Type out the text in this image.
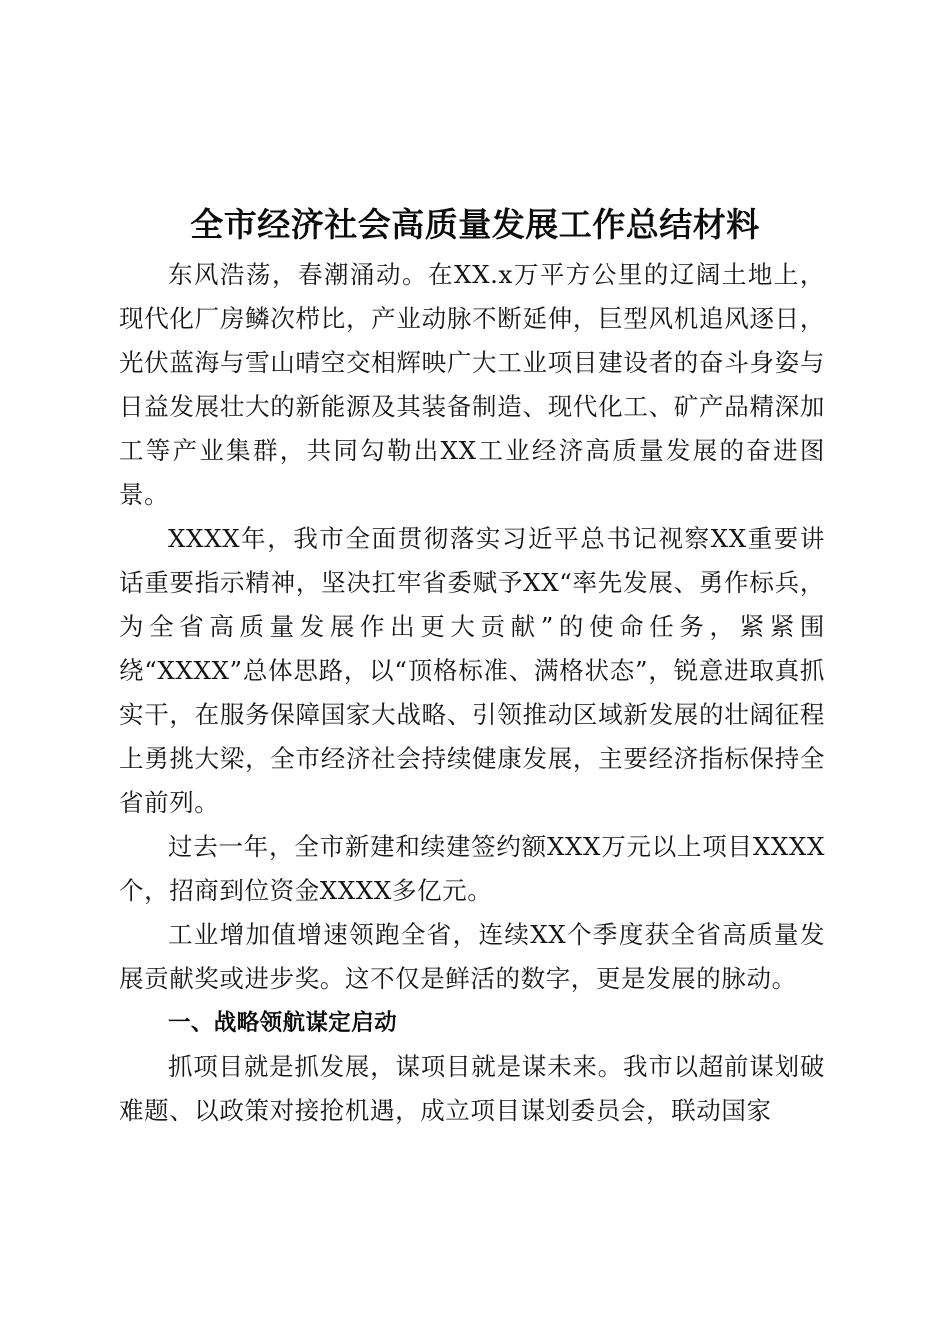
全市经济社会高质量发展工作总结材料

东风浩荡，春潮涌动。在XX.x万平方公里的辽阔土地上，现代化厂房鳞次栉比，产业动脉不断延伸，巨型风机追风逐日，光伏蓝海与雪山晴空交相辉映广大工业项目建设者的奋斗身姿与日益发展壮大的新能源及其装备制造、现代化工、矿产品精深加工等产业集群，共同勾勒出XX工业经济高质量发展的奋进图景。

XXXX年，我市全面贯彻落实习近平总书记视察XX重要讲话重要指示精神，坚决扛牢省委赋予XX“率先发展、勇作标兵，为全省高质量发展作出更大贡献”的使命任务，紧紧围绕“XXXX”总体思路，以“顶格标准、满格状态”，锐意进取真抓实干，在服务保障国家大战略、引领推动区域新发展的壮阔征程上勇挑大梁，全市经济社会持续健康发展，主要经济指标保持全省前列。

过去一年，全市新建和续建签约额XXX万元以上项目XXXX个，招商到位资金XXXX多亿元。

工业增加值增速领跑全省，连续XX个季度获全省高质量发展贡献奖或进步奖。这不仅是鲜活的数字，更是发展的脉动。

一、战略领航谋定启动

抓项目就是抓发展，谋项目就是谋未来。我市以超前谋划破难题、以政策对接抢机遇，成立项目谋划委员会，联动国家
